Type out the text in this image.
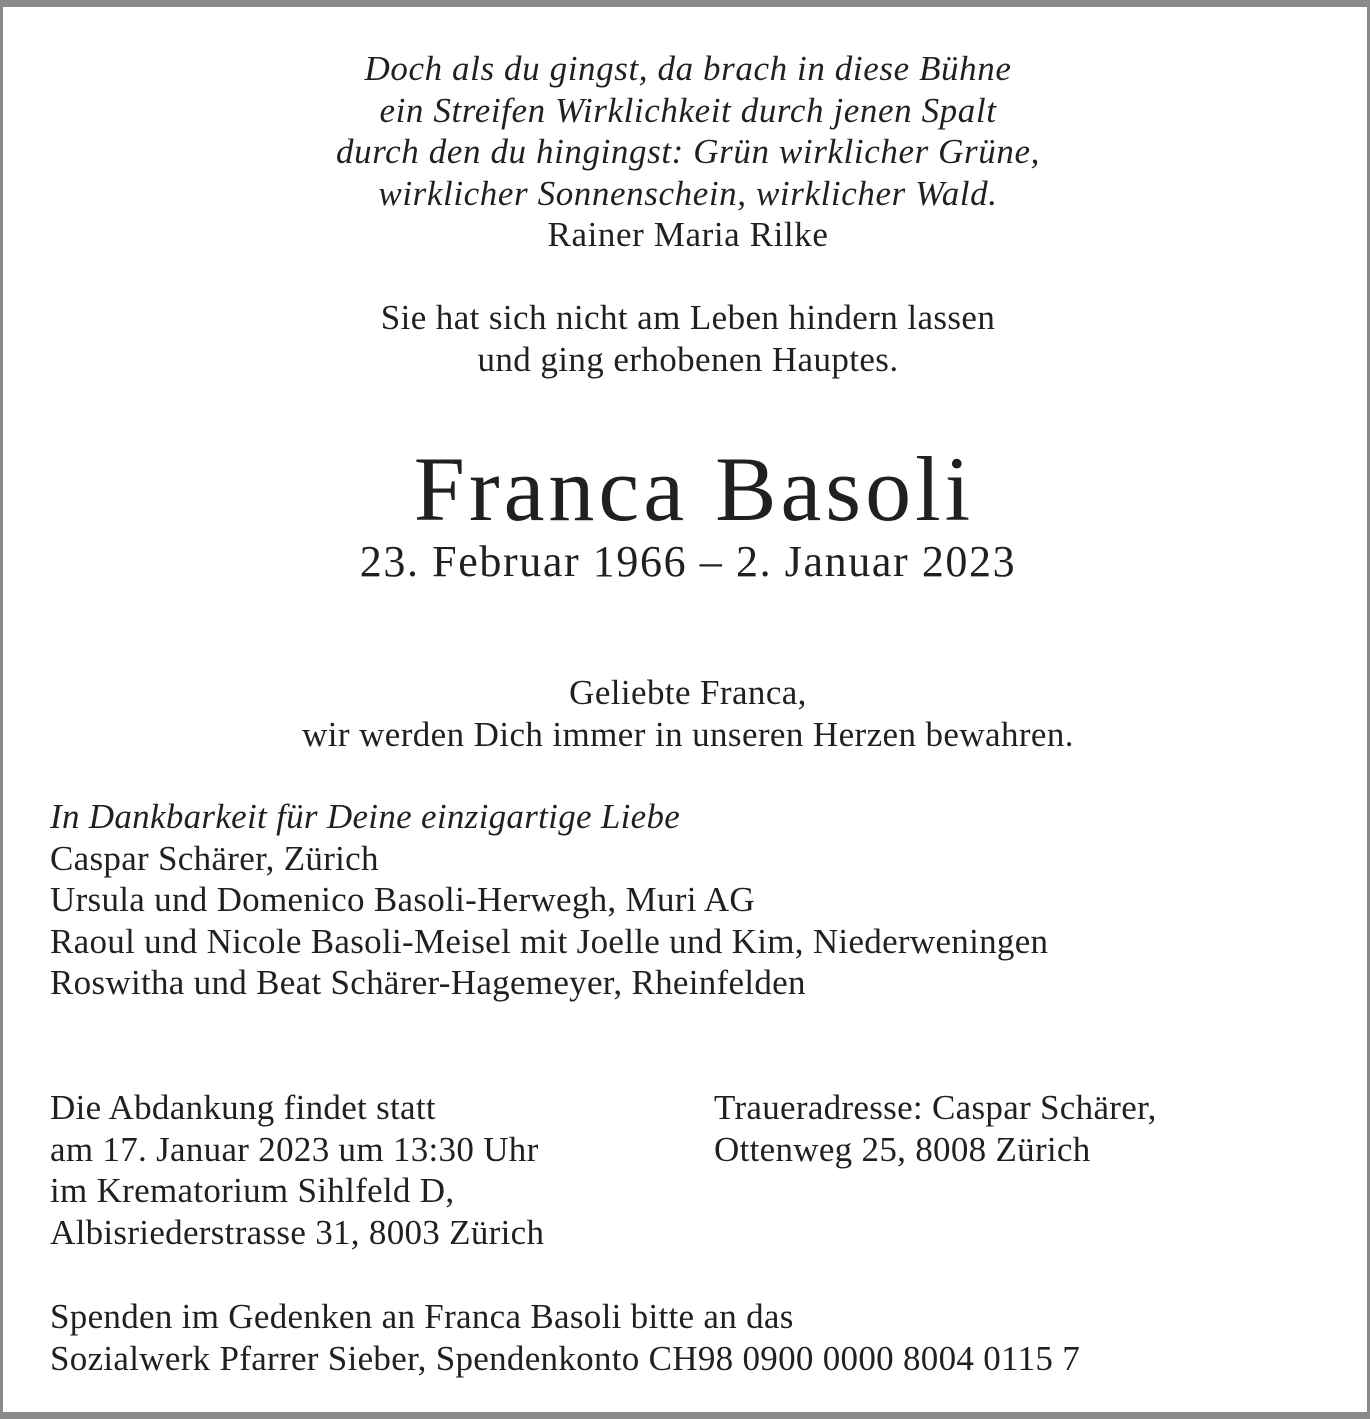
Doch als du gingst, da brach in diese Bühne
ein Streifen Wirklichkeit durch jenen Spalt
durch den du hingingst: Grün wirklicher Grüne,
wirklicher Sonnenschein, wirklicher Wald.
Rainer Maria Rilke
Sie hat sich nicht am Leben hindern lassen
und ging erhobenen Hauptes.
Franca Basoli
23. Februar 1966 – 2. Januar 2023
Geliebte Franca,
wir werden Dich immer in unseren Herzen bewahren.
In Dankbarkeit für Deine einzigartige Liebe
Caspar Schärer, Zürich
Ursula und Domenico Basoli-Herwegh, Muri AG
Raoul und Nicole Basoli-Meisel mit Joelle und Kim, Niederweningen
Roswitha und Beat Schärer-Hagemeyer, Rheinfelden
Die Abdankung findet statt
am 17. Januar 2023 um 13:30 Uhr
im Krematorium Sihlfeld D,
Albisriederstrasse 31, 8003 Zürich
Traueradresse: Caspar Schärer,
Ottenweg 25, 8008 Zürich
Spenden im Gedenken an Franca Basoli bitte an das
Sozialwerk Pfarrer Sieber, Spendenkonto CH98 0900 0000 8004 0115 7
